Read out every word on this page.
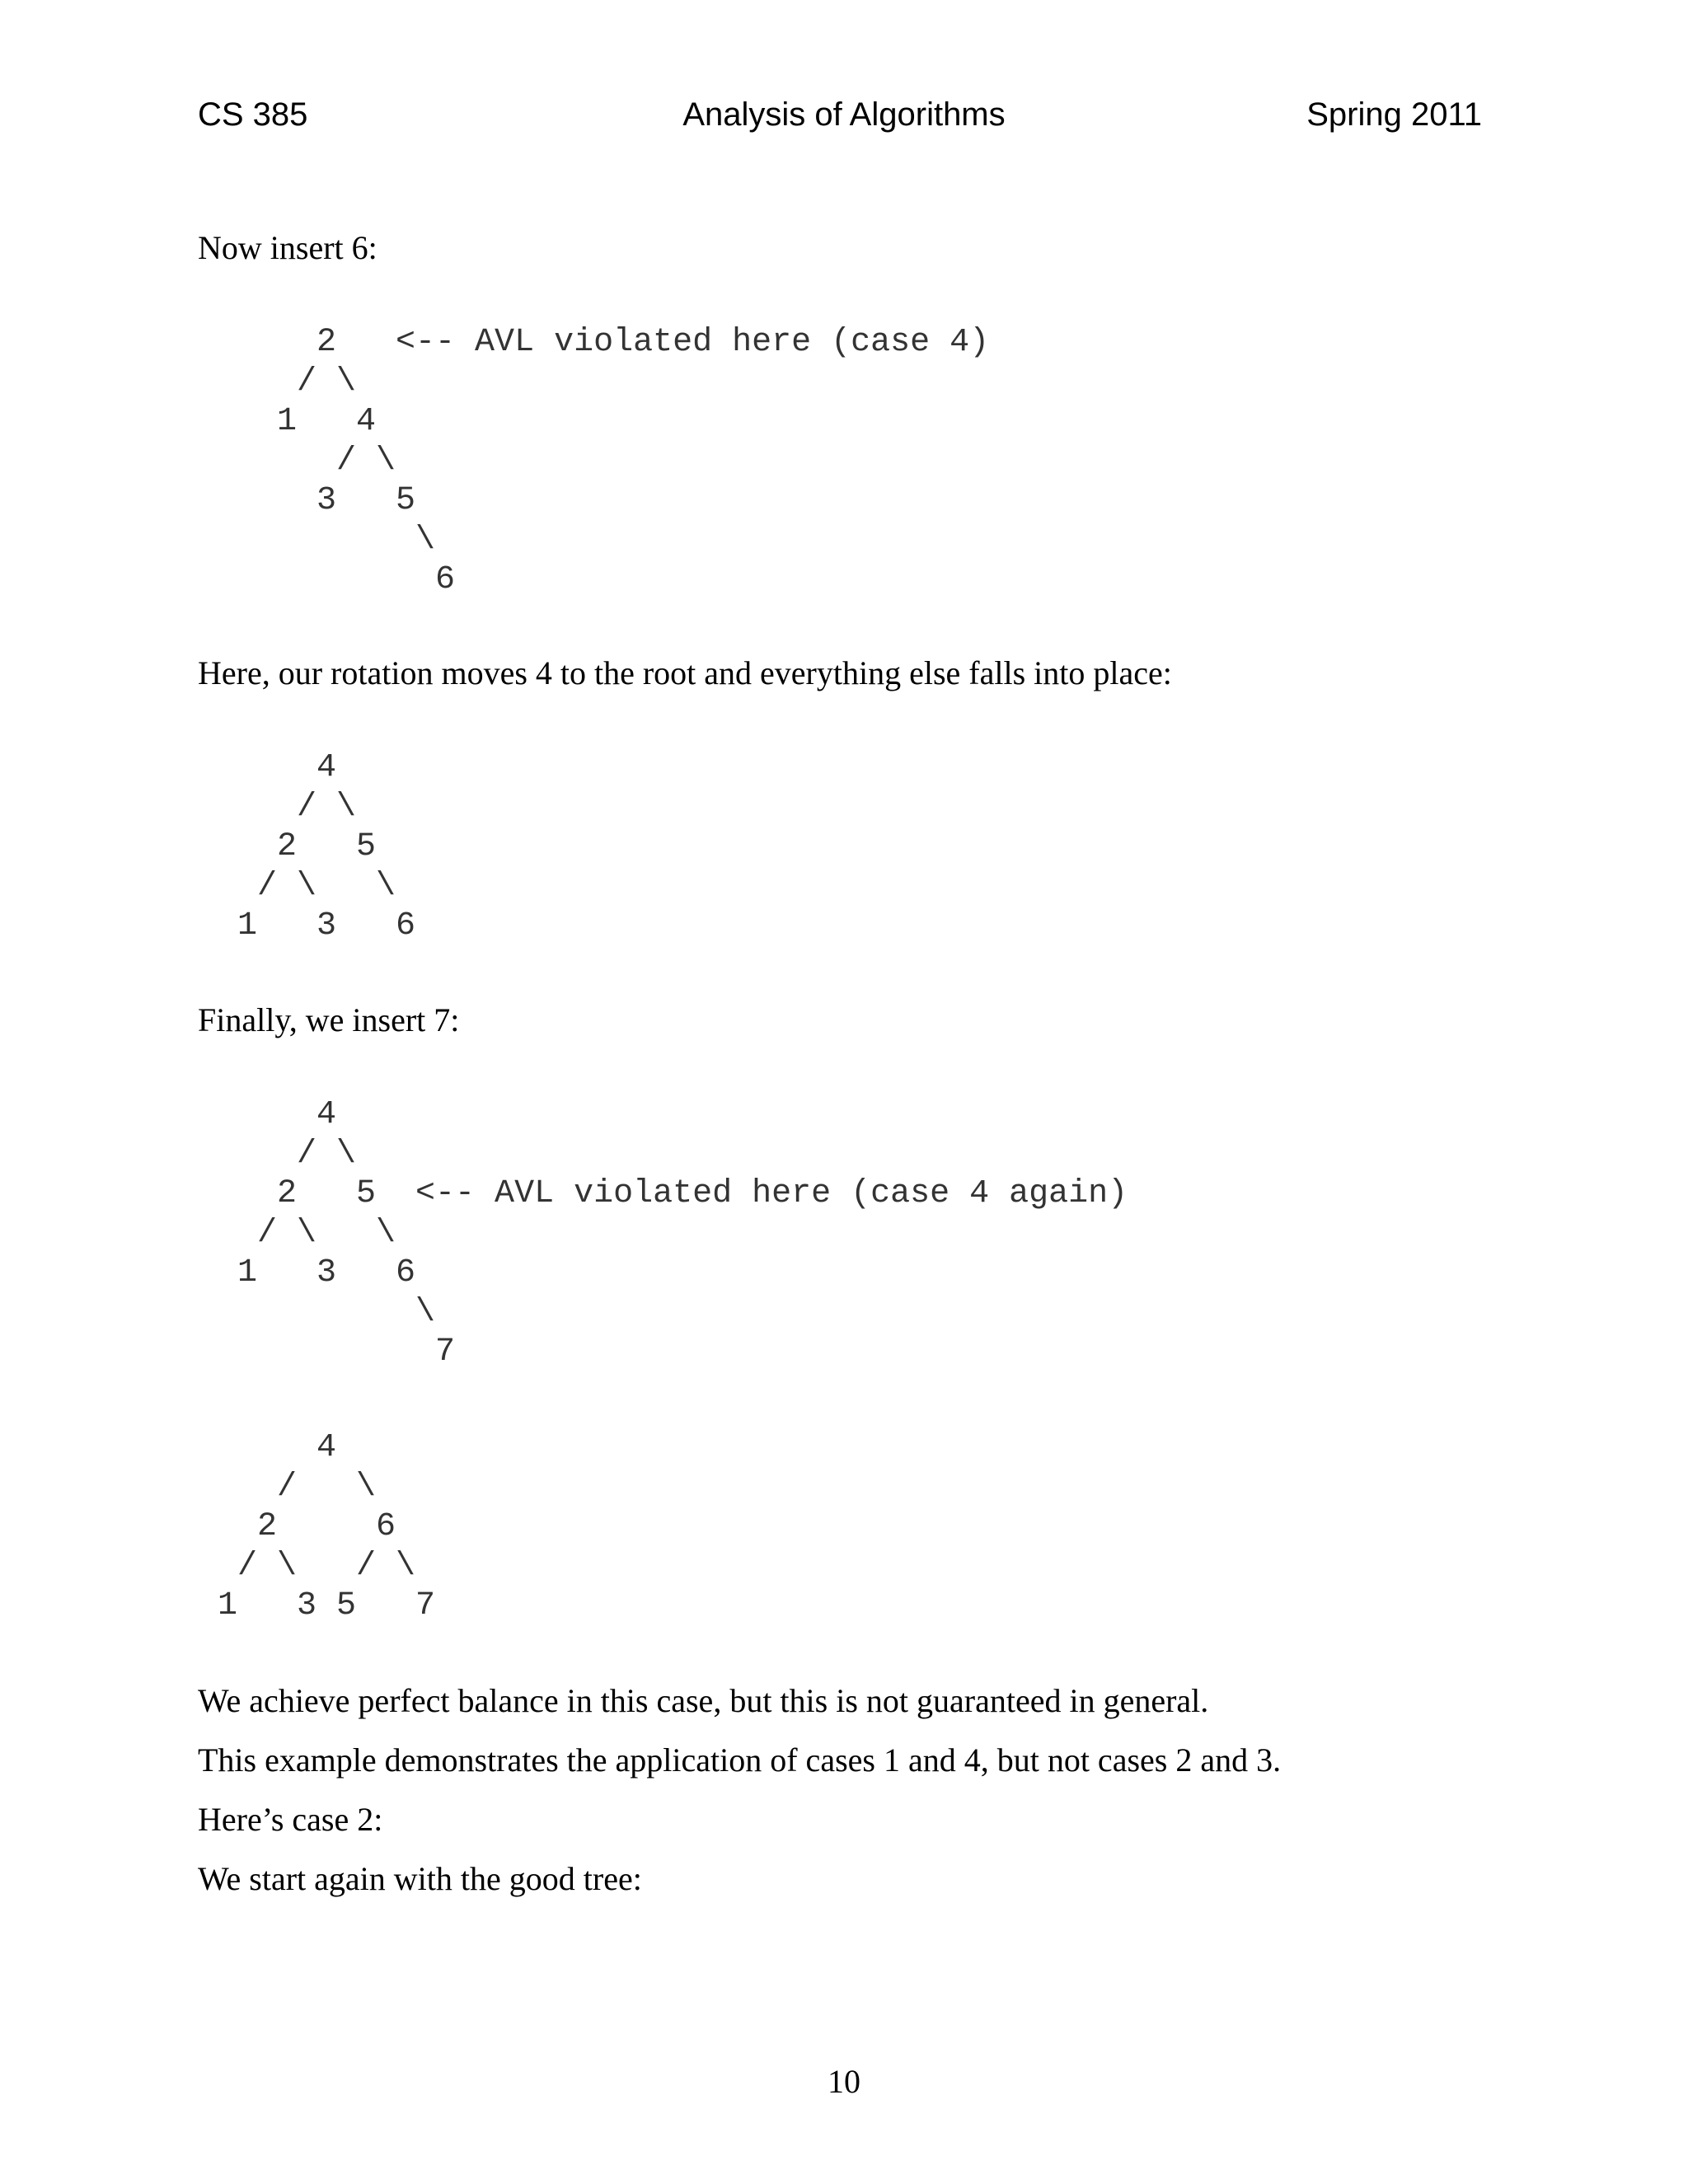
CS 385	Analysis of Algorithms	Spring 2011

Now insert 6:

2   <-- AVL violated here (case 4)
/ \
1   4
/ \
3   5
\
6

Here, our rotation moves 4 to the root and everything else falls into place:

4
/ \
2   5
/ \   \
1   3   6

Finally, we insert 7:

4
/ \
2   5  <-- AVL violated here (case 4 again)
/ \   \
1   3   6
\
7
4
/   \
2     6
/ \   / \
1   3 5   7

We achieve perfect balance in this case, but this is not guaranteed in general.

This example demonstrates the application of cases 1 and 4, but not cases 2 and 3.

Here’s case 2:

We start again with the good tree:

10
